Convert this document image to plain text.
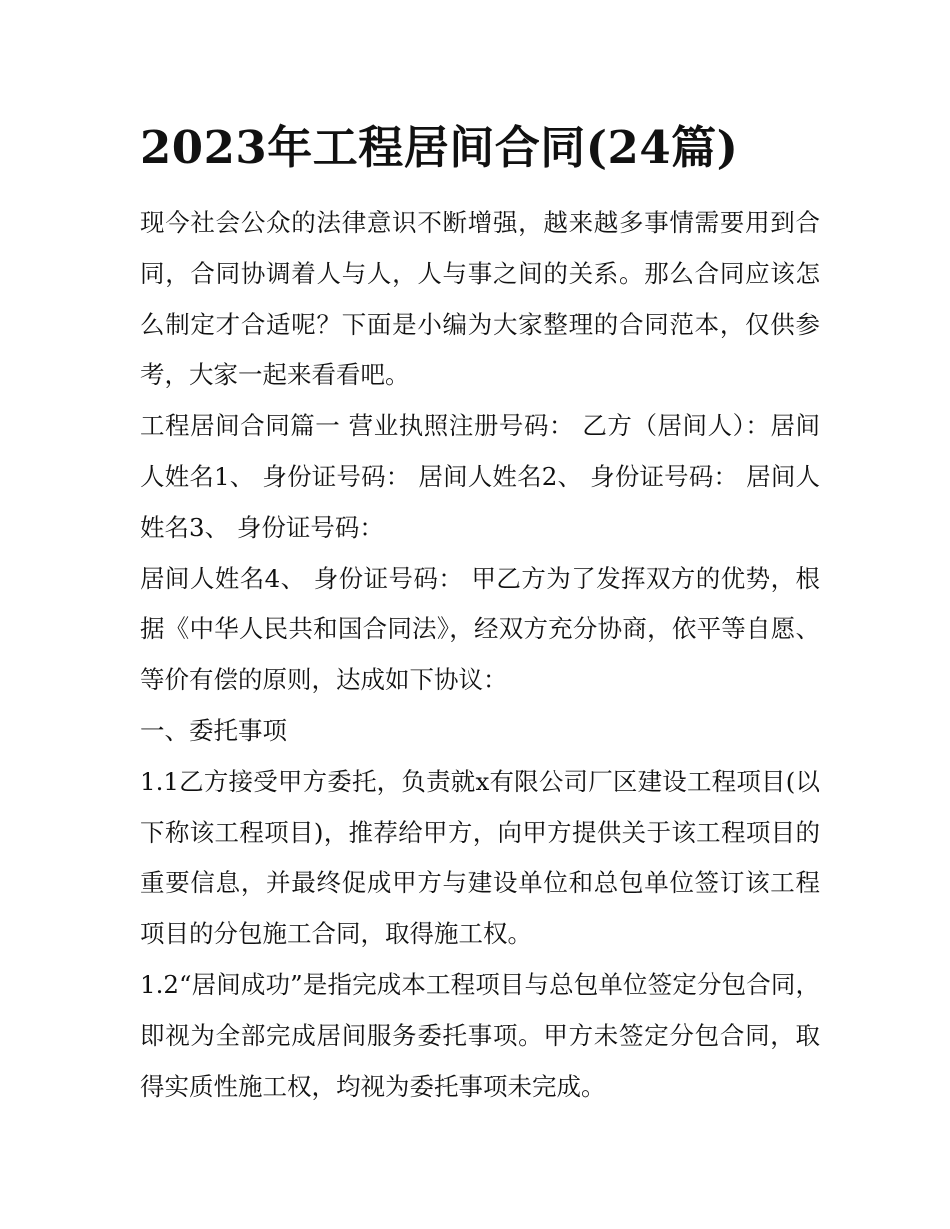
2023年工程居间合同(24篇)

现今社会公众的法律意识不断增强，越来越多事情需要用到合同，合同协调着人与人，人与事之间的关系。那么合同应该怎么制定才合适呢？下面是小编为大家整理的合同范本，仅供参考，大家一起来看看吧。

工程居间合同篇一 营业执照注册号码： 乙方（居间人）：居间人姓名1、 身份证号码： 居间人姓名2、 身份证号码： 居间人姓名3、 身份证号码：

居间人姓名4、 身份证号码： 甲乙方为了发挥双方的优势，根据《中华人民共和国合同法》，经双方充分协商，依平等自愿、等价有偿的原则，达成如下协议：

一、委托事项

1.1乙方接受甲方委托，负责就x有限公司厂区建设工程项目(以下称该工程项目)，推荐给甲方，向甲方提供关于该工程项目的重要信息，并最终促成甲方与建设单位和总包单位签订该工程项目的分包施工合同，取得施工权。

1.2“居间成功”是指完成本工程项目与总包单位签定分包合同，即视为全部完成居间服务委托事项。甲方未签定分包合同，取得实质性施工权，均视为委托事项未完成。
